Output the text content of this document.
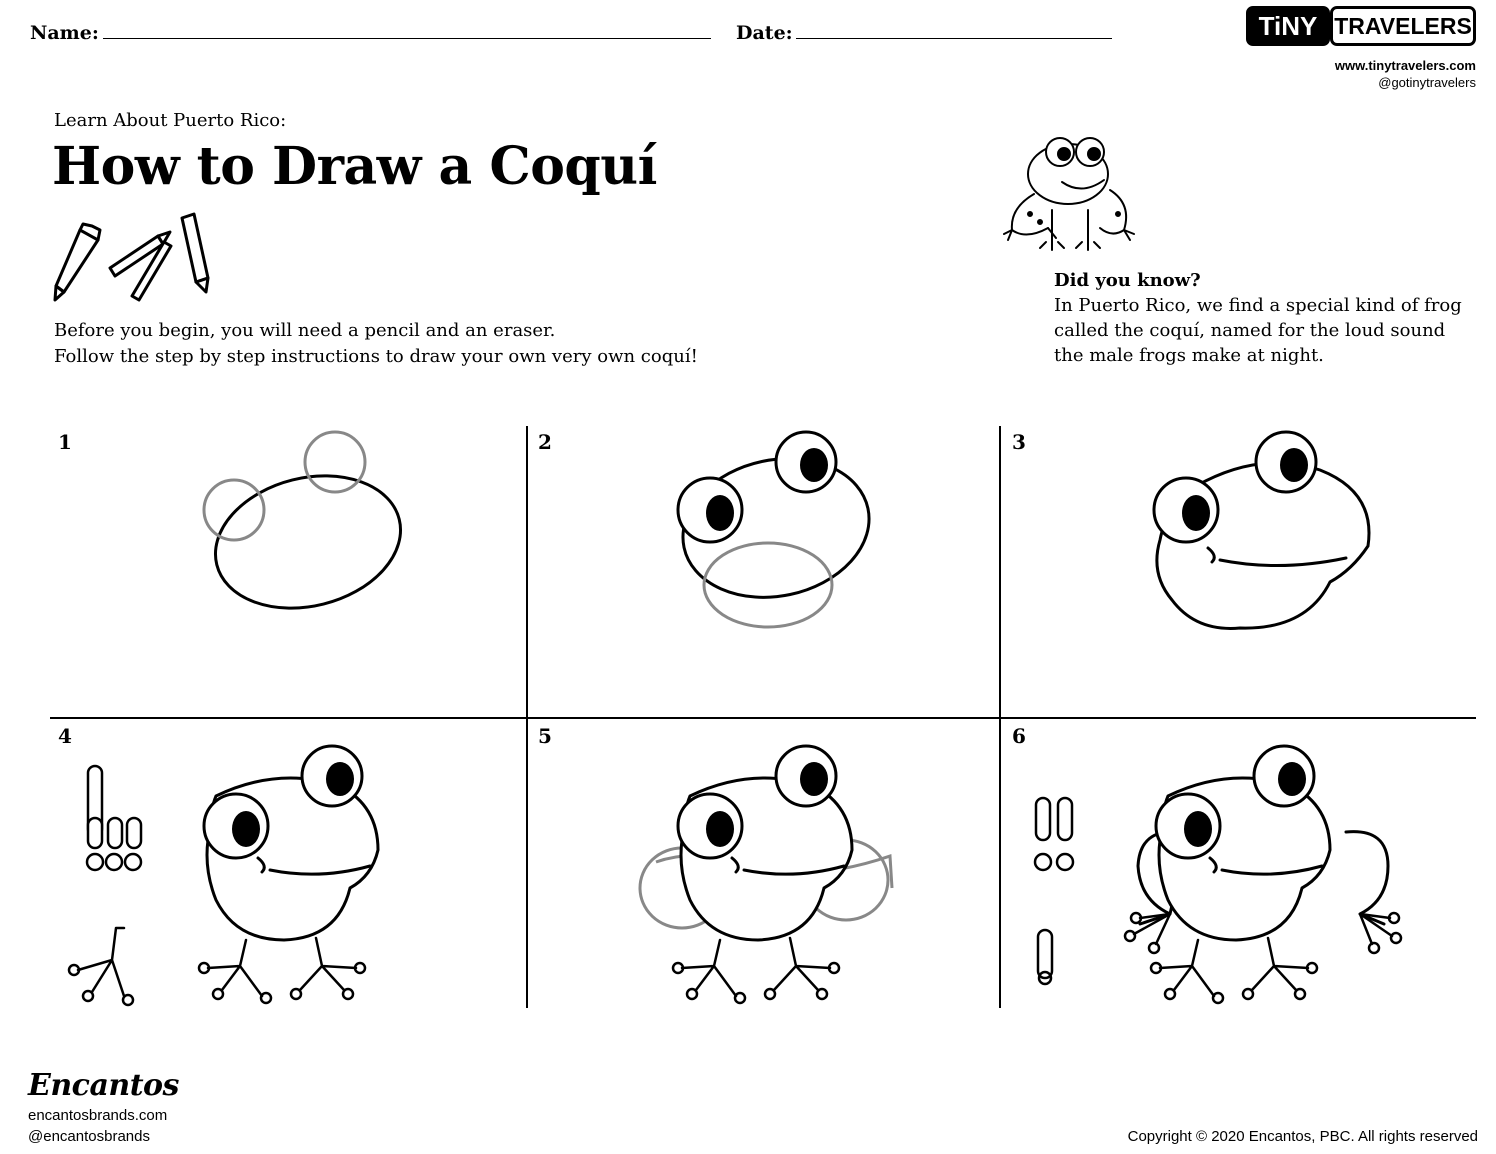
Name:	Date:	TiNY TRAVELERS
www.tinytravelers.com
@gotinytravelers
Learn About Puerto Rico:
How to Draw a Coquí
Before you begin, you will need a pencil and an eraser.
Follow the step by step instructions to draw your own very own coquí!
Did you know?
In Puerto Rico, we find a special kind of frog
called the coquí, named for the loud sound
the male frogs make at night.
1	2	3
4	5	6
Encantos
encantosbrands.com
@encantosbrands	Copyright © 2020 Encantos, PBC. All rights reserved
